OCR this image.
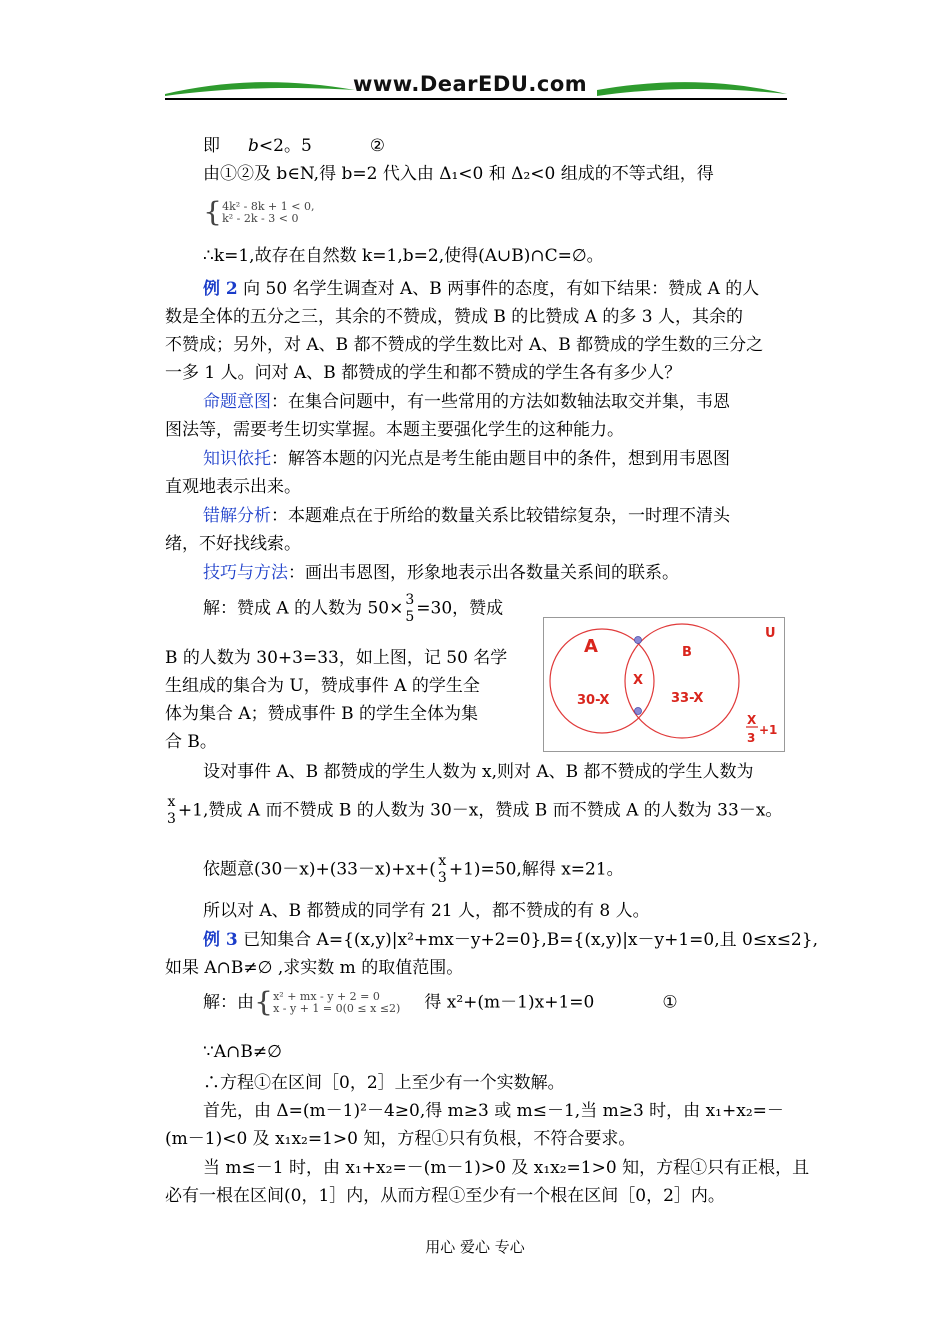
www.DearEDU.com
即 b<2。5	②
由①②及 b∈N,得 b=2 代入由 Δ₁<0 和 Δ₂<0 组成的不等式组，得
{ 4k² - 8k + 1 < 0,
k² - 2k - 3 < 0
∴k=1,故存在自然数 k=1,b=2,使得(A∪B)∩C=∅。
例 2 向 50 名学生调查对 A、B 两事件的态度，有如下结果：赞成 A 的人
数是全体的五分之三，其余的不赞成，赞成 B 的比赞成 A 的多 3 人，其余的
不赞成；另外，对 A、B 都不赞成的学生数比对 A、B 都赞成的学生数的三分之
一多 1 人。问对 A、B 都赞成的学生和都不赞成的学生各有多少人？
命题意图：在集合问题中，有一些常用的方法如数轴法取交并集，韦恩
图法等，需要考生切实掌握。本题主要强化学生的这种能力。
知识依托：解答本题的闪光点是考生能由题目中的条件，想到用韦恩图
直观地表示出来。
错解分析：本题难点在于所给的数量关系比较错综复杂，一时理不清头
绪，不好找线索。
技巧与方法：画出韦恩图，形象地表示出各数量关系间的联系。
解：赞成 A 的人数为 50× 3
5 =30，赞成
B 的人数为 30+3=33，如上图，记 50 名学
生组成的集合为 U，赞成事件 A 的学生全
体为集合 A；赞成事件 B 的学生全体为集
合 B。
设对事件 A、B 都赞成的学生人数为 x,则对 A、B 都不赞成的学生人数为
x
3 +1,赞成 A 而不赞成 B 的人数为 30－x，赞成 B 而不赞成 A 的人数为 33－x。
依题意(30－x)+(33－x)+x+( x
3 +1)=50,解得 x=21。
所以对 A、B 都赞成的同学有 21 人，都不赞成的有 8 人。
例 3 已知集合 A={(x,y)|x²+mx－y+2=0},B={(x,y)|x－y+1=0,且 0≤x≤2},
如果 A∩B≠∅ ,求实数 m 的取值范围。
解：由{ x² + mx - y + 2 = 0
x - y + 1 = 0(0 ≤ x ≤2) 得 x²+(m－1)x+1=0	①
∵A∩B≠∅
∴方程①在区间［0，2］上至少有一个实数解。
首先，由 Δ=(m－1)²－4≥0,得 m≥3 或 m≤－1,当 m≥3 时，由 x₁+x₂=－
(m－1)<0 及 x₁x₂=1>0 知，方程①只有负根，不符合要求。
当 m≤－1 时，由 x₁+x₂=－(m－1)>0 及 x₁x₂=1>0 知，方程①只有正根，且
必有一根在区间(0，1］内，从而方程①至少有一个根在区间［0，2］内。
A	B
U
X
30-X	33-X
X
3
+1
用心 爱心 专心
